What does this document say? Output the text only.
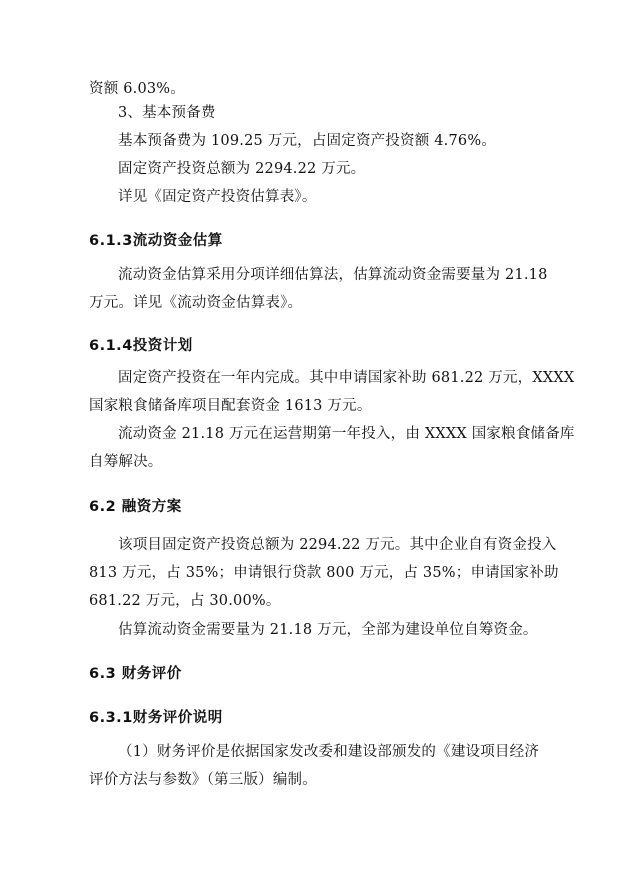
资额 6.03%。
3、基本预备费
基本预备费为 109.25 万元，占固定资产投资额 4.76%。
固定资产投资总额为 2294.22 万元。
详见《固定资产投资估算表》。
6.1.3流动资金估算
流动资金估算采用分项详细估算法，估算流动资金需要量为 21.18
万元。详见《流动资金估算表》。
6.1.4投资计划
固定资产投资在一年内完成。其中申请国家补助 681.22 万元，XXXX
国家粮食储备库项目配套资金 1613 万元。
流动资金 21.18 万元在运营期第一年投入，由 XXXX 国家粮食储备库
自筹解决。
6.2 融资方案
该项目固定资产投资总额为 2294.22 万元。其中企业自有资金投入
813 万元，占 35%；申请银行贷款 800 万元，占 35%；申请国家补助
681.22 万元，占 30.00%。
估算流动资金需要量为 21.18 万元，全部为建设单位自筹资金。
6.3 财务评价
6.3.1财务评价说明
（1）财务评价是依据国家发改委和建设部颁发的《建设项目经济
评价方法与参数》（第三版）编制。
